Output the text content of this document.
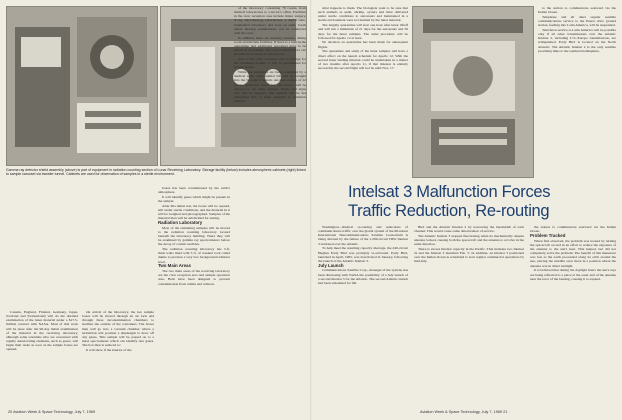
Gamma ray detector shield assembly (above) is part of equipment in radiation counting section of Lunar Receiving Laboratory. Storage facility (below) includes atmospheric cabinets (right) linked to sample carousel via transfer tunnel. Cabinets are used for observation of samples in a sterile environment.

Canada, England, Finland, Germany, Japan, Scotland and Switzerland) will do the detailed examination of the lunar material under a $17.5-million contract with NASA. Most of this work will be done after the 90-day initial examination of the material in the receiving laboratory, although some scientists who are concerned with rapidly deteriorating elements, such as gases, will begin their tasks as soon as the sample boxes are opened.

On arrival of the laboratory, the two sample boxes will be moved through an air lock and through three decontamination chambers to sterilize the outside of the containers. The boxes then will go into a vacuum chamber where a technician will position a diaphragm to draw off any gases. This sample will be passed on to a mass spectrometer which can identify rare gases. The box then is reduced to:

It will show if the interior of the

boxes has been contaminated by the earth's atmosphere.

It will identify gases which might be present in the sample.

After this initial test, the boxes will be opened, still under sterile conditions, and the material in it will be weighed and photographed. Samples of the material then will be subdivided for testing.

Radiation Laboratory

Most of the remaining samples will be moved to the radiation counting laboratory located beneath the laboratory building. There they will be examined by gamma ray spectrometers before the decay of cosmic nuclides.

The radiation counting laboratory has 5-ft. thick walls lined with 3 ft. of crushed rock called dunite to produce a very low background radiation level.

Two Main Areas

The two main areas of the receiving laboratory are the crew reception area and sample operation area. Both have been designed to prevent contamination from within and without.

of the laboratory containing 78 rooms, from medical laboratories to a doctor's office. Facilities in the crew reception area include minor surgery, X-ray, microbiology laboratories, a dental suite, biomedical laboratory and even an audio booth where hearing examinations can be conducted with the crew.

In addition, there are sleeping quarters, dining room and kitchen facilities. If there is a leak in the quarantine and additional personnel have to be placed in quarantine, the crew reception area can provide for as many as 120 persons.

Also in the crew reception area is storage for the command module. It will be quarantined for several weeks.

While the astronauts are being examined by a medical team, other animal life will be brought into the biological system. Another section of 22 rooms, germ-free mice, fish and insects will be exposed to the lunar samples. Plants and algae also will be exposed. The animals will be fed pulverized bits of lunar material as scientists observe

20 Aviation Week & Space Technology, July 7, 1969

what happens to them. The biologists want to be sure that such animals as quail, shrimp, oysters and mice delivered under sterile conditions to astronauts and maintained in a sterile environment were not harmed by the lunar material.

The lengthy quarantine will start one hour after lunar liftoff and will run a minimum of 21 days for the astronauts and 50 days for the lunar samples. The same procedure will be followed for Apollo 12 at least.

No decision on quarantine has been made for subsequent flights.

The quarantine and study of the lunar samples will have a direct effect on the launch schedule for Apollo 12. With the second lunar landing mission could be undertaken in a matter of two months after Apollo 11, if that mission is entirely successful, the second flight will not be until Nov. 17.

to the station to communicate eastward via the Indian Ocean.

Telephone and all other regular satellite communications service to the Puerto Rico ground station, feeding into Latin America, will be suspended.

Television service to Latin America will be possible only if all other transmissions over the Atlantic Intelsat 2, including U.S.-Europe transmissions, are relinquished. Early Bird is located on the North Atlantic. The Atlantic Intelsat 2 is the only satellite providing links to the southern hemisphere.

Intelsat 3 Malfunction Forces Traffic Reduction, Re-routing

Washington—Radical re-routing and reductions of communications traffic over the global system of the 68-nation International Telecommunications Satellite Consortium is being dictated by the failure of the 1,200-circuit TRW Intelsat 3 stationed over the Atlantic.

To help meet the resulting capacity shortage, the 240-circuit Hughes Early Bird was promptly re-activated. Early Bird, launched in April, 1965, was deactivated in January, following the launch of the Atlantic Intelsat 3.

July Launch

Communications Satellite Corp., manager of the system, has been discussing with NASA the possibility of a July launch of a second Intelsat 3 for the Atlantic. The second Atlantic launch had been scheduled for fall.

Bird and the Atlantic Intelsat 2 by narrowing the bandwidth of each channel. This would cause some deterioration of service.

The Atlantic Intelsat 3 stopped functioning when its mechanically despun antenna locked, causing both the spacecraft and the antenna to revolve in the same direction.

There is excess Intelsat capacity in the Pacific. This includes two Intelsat 2s and the Intelsat 3 launched Feb. 5. In addition, an Intelsat 3 positioned over the Indian Ocean is scheduled to start regular commercial operations by mid-July.

the station to communicate eastward via the Indian Ocean.

Problem Tracked

When first observed, the problem was treated by turning the spacecraft on end in an effort to reduce the exposure of the antenna to the sun's heat. This helped, but did not completely solve the problem. The benefit of this maneuver was lost as the earth proceeded along its orbit around the sun, placing the satellite once more in a position where the antenna was in direct sunlight.

It is believed that during the daylight hours the sun's rays are being reflected to a place at the outer end of the antenna near the rotor of the bearing, causing it to expand.

Aviation Week & Space Technology, July 7, 1969 21
